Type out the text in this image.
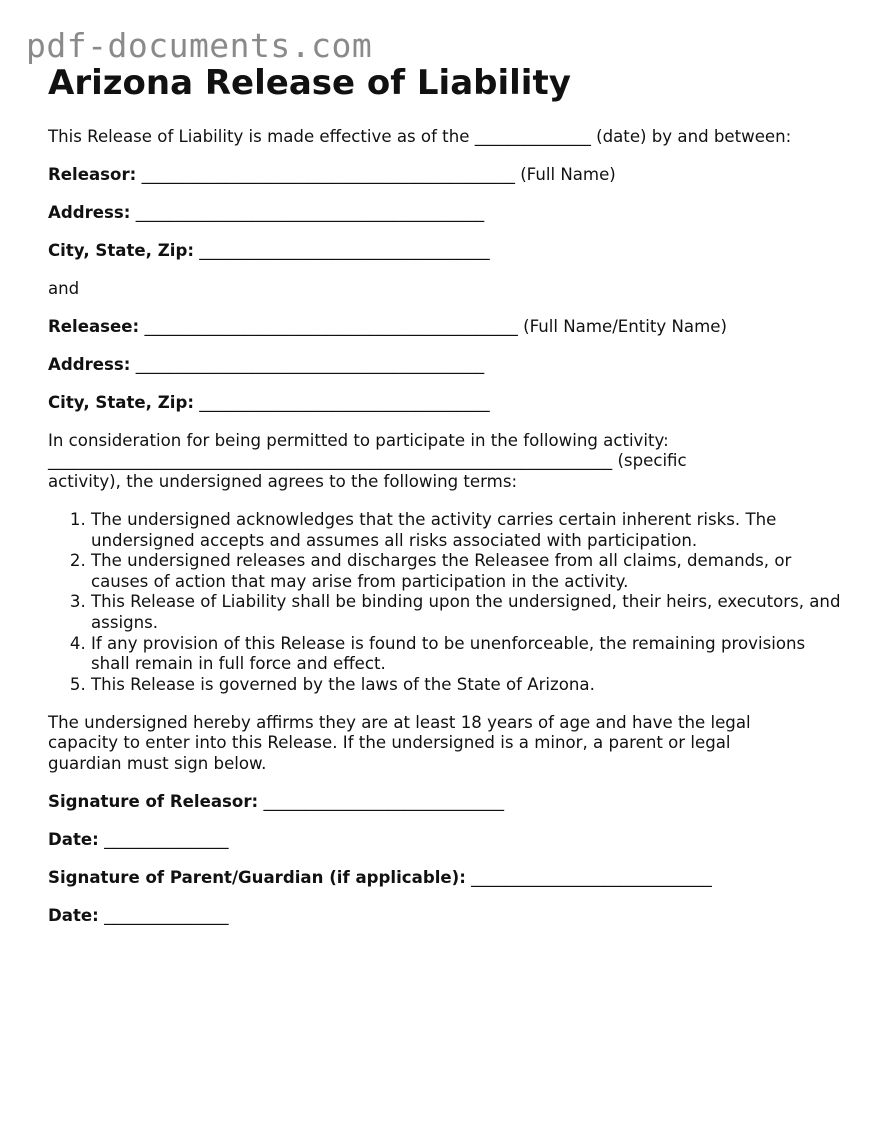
pdf-documents.com
Arizona Release of Liability

This Release of Liability is made effective as of the ______________ (date) by and between:

Releasor: _____________________________________________ (Full Name)

Address: __________________________________________

City, State, Zip: ___________________________________

and

Releasee: _____________________________________________ (Full Name/Entity Name)

Address: __________________________________________

City, State, Zip: ___________________________________

In consideration for being permitted to participate in the following activity:

____________________________________________________________________ (specific

activity), the undersigned agrees to the following terms:

1. The undersigned acknowledges that the activity carries certain inherent risks. The undersigned accepts and assumes all risks associated with participation.
2. The undersigned releases and discharges the Releasee from all claims, demands, or causes of action that may arise from participation in the activity.
3. This Release of Liability shall be binding upon the undersigned, their heirs, executors, and assigns.
4. If any provision of this Release is found to be unenforceable, the remaining provisions shall remain in full force and effect.
5. This Release is governed by the laws of the State of Arizona.

The undersigned hereby affirms they are at least 18 years of age and have the legal capacity to enter into this Release. If the undersigned is a minor, a parent or legal guardian must sign below.

Signature of Releasor: _____________________________

Date: _______________

Signature of Parent/Guardian (if applicable): _____________________________

Date: _______________
